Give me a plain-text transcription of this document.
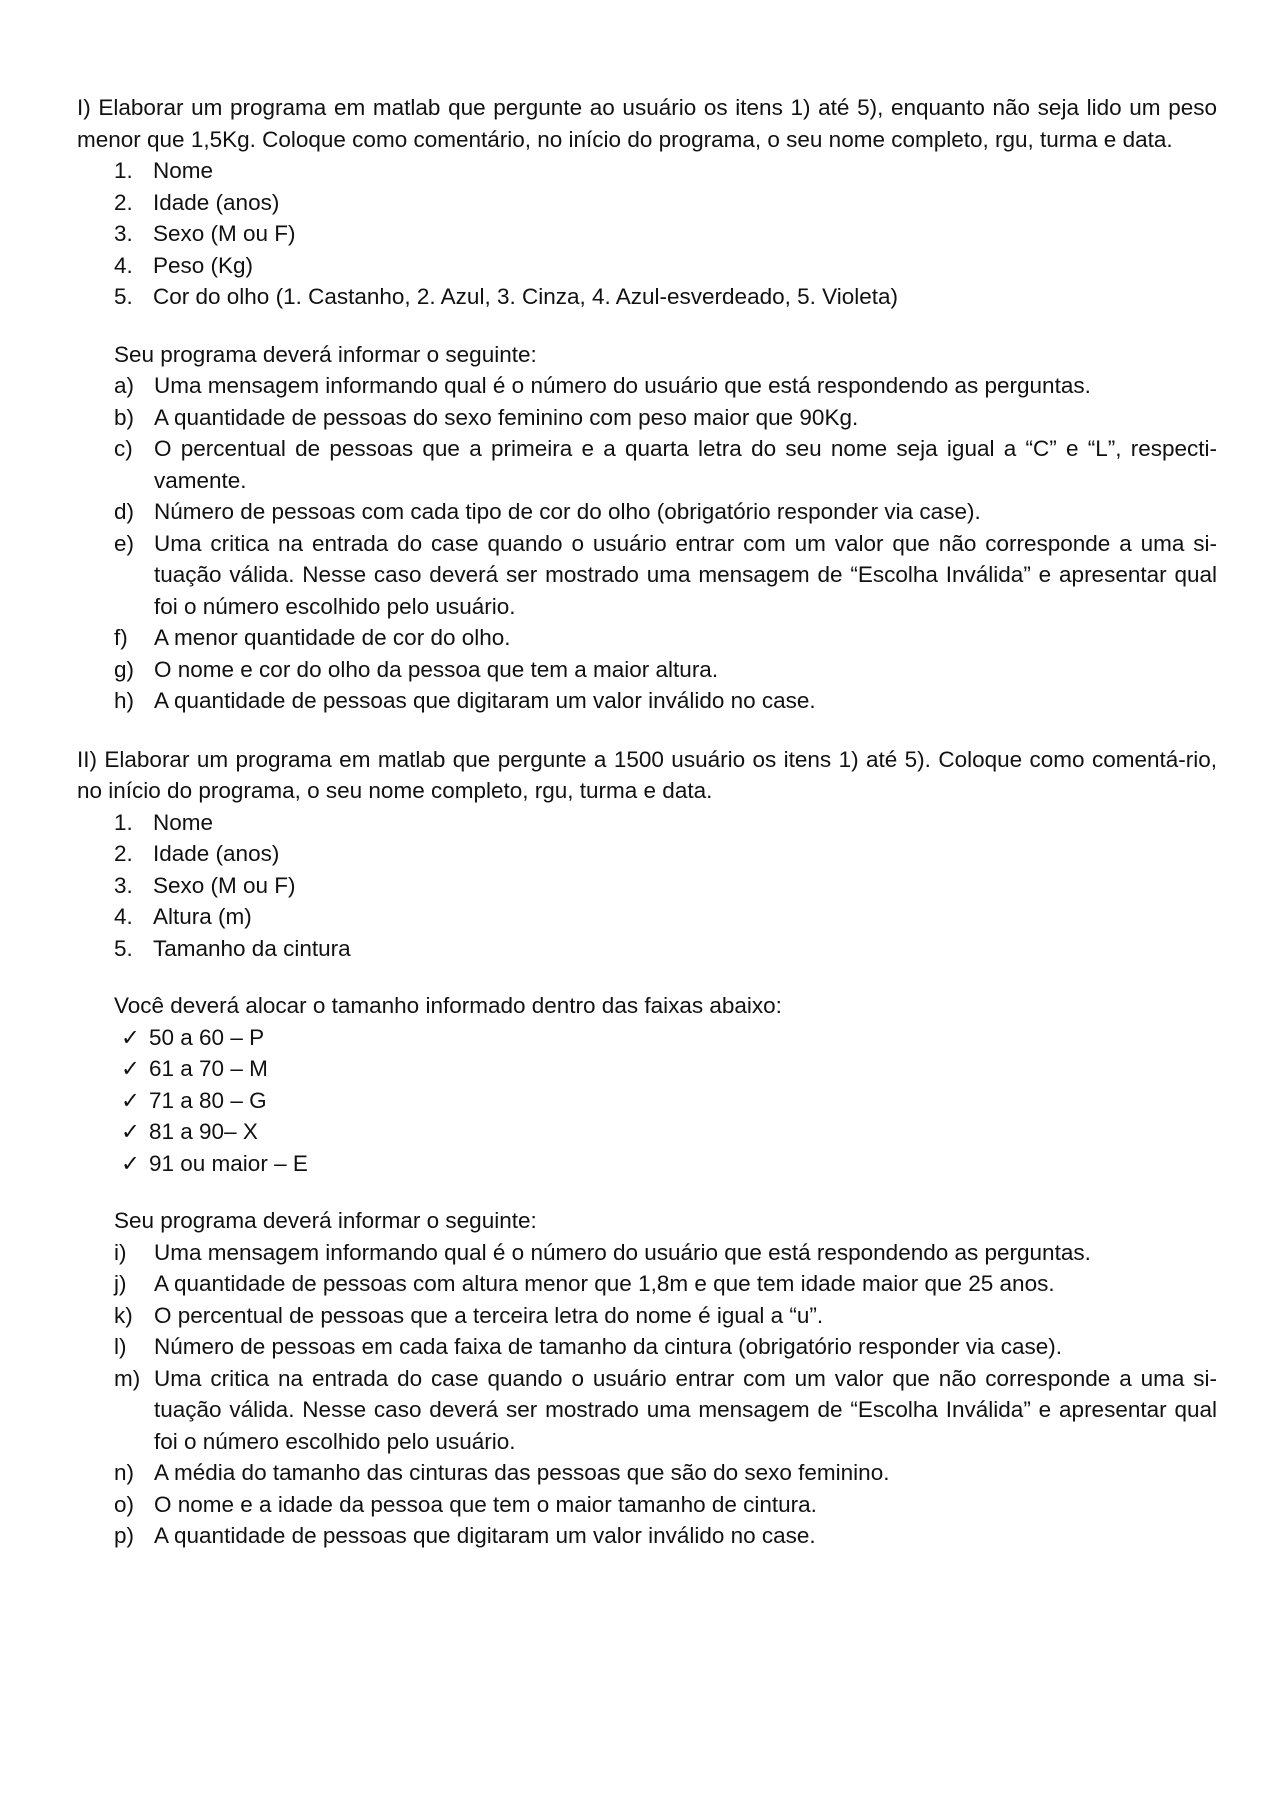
I) Elaborar um programa em matlab que pergunte ao usuário os itens 1) até 5), enquanto não seja lido um peso menor que 1,5Kg. Coloque como comentário, no início do programa, o seu nome completo, rgu, turma e data.

1. Nome
2. Idade (anos)
3. Sexo (M ou F)
4. Peso (Kg)
5. Cor do olho (1. Castanho, 2. Azul, 3. Cinza, 4. Azul-esverdeado, 5. Violeta)

Seu programa deverá informar o seguinte:

a) Uma mensagem informando qual é o número do usuário que está respondendo as perguntas.
b) A quantidade de pessoas do sexo feminino com peso maior que 90Kg.
c) O percentual de pessoas que a primeira e a quarta letra do seu nome seja igual a “C” e “L”, respecti-vamente.
d) Número de pessoas com cada tipo de cor do olho (obrigatório responder via case).
e) Uma critica na entrada do case quando o usuário entrar com um valor que não corresponde a uma si-tuação válida. Nesse caso deverá ser mostrado uma mensagem de “Escolha Inválida” e apresentar qual foi o número escolhido pelo usuário.
f)	A menor quantidade de cor do olho.
g) O nome e cor do olho da pessoa que tem a maior altura.
h) A quantidade de pessoas que digitaram um valor inválido no case.

II) Elaborar um programa em matlab que pergunte a 1500 usuário os itens 1) até 5). Coloque como comentá-rio, no início do programa, o seu nome completo, rgu, turma e data.

1. Nome
2. Idade (anos)
3. Sexo (M ou F)
4. Altura (m)
5. Tamanho da cintura

Você deverá alocar o tamanho informado dentro das faixas abaixo:

✓ 50 a 60 – P
✓ 61 a 70 – M
✓ 71 a 80 – G
✓ 81 a 90– X
✓ 91 ou maior – E

Seu programa deverá informar o seguinte:

i)	Uma mensagem informando qual é o número do usuário que está respondendo as perguntas.
j)	A quantidade de pessoas com altura menor que 1,8m e que tem idade maior que 25 anos.
k) O percentual de pessoas que a terceira letra do nome é igual a “u”.
l)	Número de pessoas em cada faixa de tamanho da cintura (obrigatório responder via case).
m) Uma critica na entrada do case quando o usuário entrar com um valor que não corresponde a uma si-tuação válida. Nesse caso deverá ser mostrado uma mensagem de “Escolha Inválida” e apresentar qual foi o número escolhido pelo usuário.
n) A média do tamanho das cinturas das pessoas que são do sexo feminino.
o) O nome e a idade da pessoa que tem o maior tamanho de cintura.
p) A quantidade de pessoas que digitaram um valor inválido no case.
